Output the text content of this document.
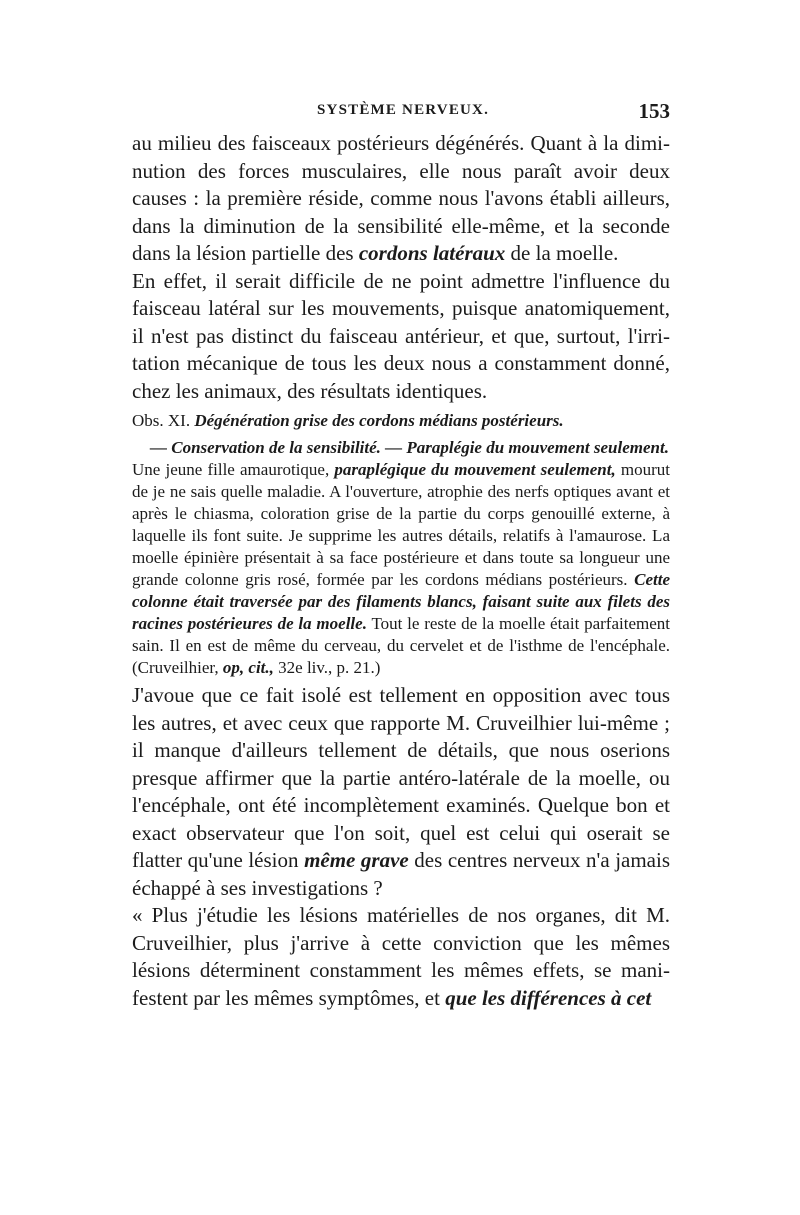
SYSTÈME NERVEUX.	153

au milieu des faisceaux postérieurs dégénérés. Quant à la diminution des forces musculaires, elle nous paraît avoir deux causes : la première réside, comme nous l'avons établi ailleurs, dans la diminution de la sensibilité elle-même, et la seconde dans la lésion partielle des cordons latéraux de la moelle.

En effet, il serait difficile de ne point admettre l'influence du faisceau latéral sur les mouvements, puisque anatomiquement, il n'est pas distinct du faisceau antérieur, et que, surtout, l'irritation mécanique de tous les deux nous a constamment donné, chez les animaux, des résultats identiques.

Obs. XI. Dégénération grise des cordons médians postérieurs.

— Conservation de la sensibilité. — Paraplégie du mouvement seulement.

Une jeune fille amaurotique, paraplégique du mouvement seulement, mourut de je ne sais quelle maladie. A l'ouverture, atrophie des nerfs optiques avant et après le chiasma, coloration grise de la partie du corps genouillé externe, à laquelle ils font suite. Je supprime les autres détails, relatifs à l'amaurose. La moelle épinière présentait à sa face postérieure et dans toute sa longueur une grande colonne gris rosé, formée par les cordons médians postérieurs. Cette colonne était traversée par des filaments blancs, faisant suite aux filets des racines postérieures de la moelle. Tout le reste de la moelle était parfaitement sain. Il en est de même du cerveau, du cervelet et de l'isthme de l'encéphale. (Cruveilhier, op, cit., 32e liv., p. 21.)

J'avoue que ce fait isolé est tellement en opposition avec tous les autres, et avec ceux que rapporte M. Cruveilhier lui-même ; il manque d'ailleurs tellement de détails, que nous oserions presque affirmer que la partie antéro-latérale de la moelle, ou l'encéphale, ont été incomplètement examinés. Quelque bon et exact observateur que l'on soit, quel est celui qui oserait se flatter qu'une lésion même grave des centres nerveux n'a jamais échappé à ses investigations ?

« Plus j'étudie les lésions matérielles de nos organes, dit M. Cruveilhier, plus j'arrive à cette conviction que les mêmes lésions déterminent constamment les mêmes effets, se manifestent par les mêmes symptômes, et que les différences à cet
